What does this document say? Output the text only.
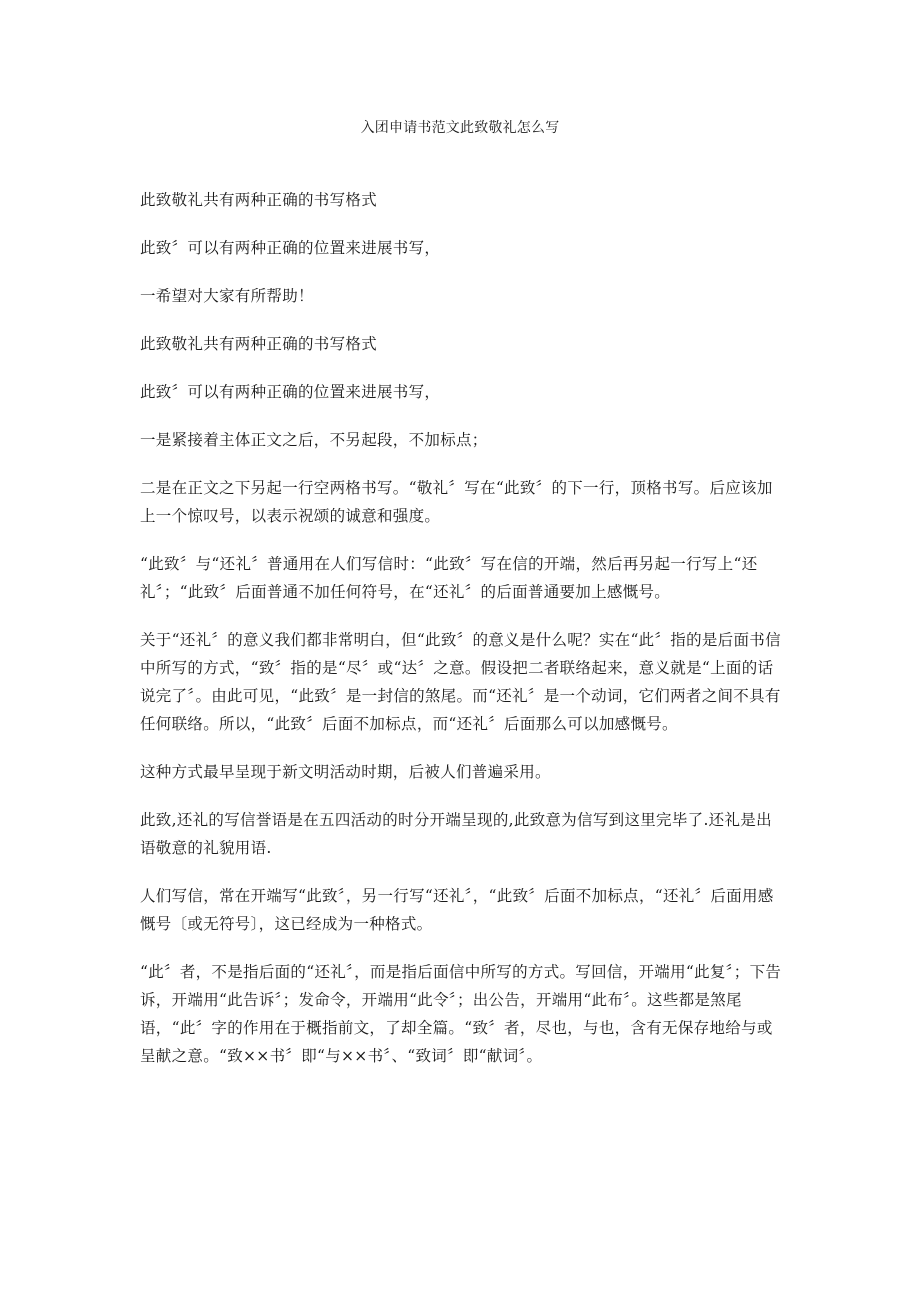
入团申请书范文此致敬礼怎么写

此致敬礼共有两种正确的书写格式

此致〞可以有两种正确的位置来进展书写，

一希望对大家有所帮助！

此致敬礼共有两种正确的书写格式

此致〞可以有两种正确的位置来进展书写，

一是紧接着主体正文之后，不另起段，不加标点；

二是在正文之下另起一行空两格书写。“敬礼〞写在“此致〞的下一行，顶格书写。后应该加上一个惊叹号，以表示祝颂的诚意和强度。

“此致〞与“还礼〞普通用在人们写信时：“此致〞写在信的开端，然后再另起一行写上“还礼〞；“此致〞后面普通不加任何符号，在“还礼〞的后面普通要加上感慨号。

关于“还礼〞的意义我们都非常明白，但“此致〞的意义是什么呢？实在“此〞指的是后面书信中所写的方式，“致〞指的是“尽〞或“达〞之意。假设把二者联络起来，意义就是“上面的话说完了〞。由此可见，“此致〞是一封信的煞尾。而“还礼〞是一个动词，它们两者之间不具有任何联络。所以，“此致〞后面不加标点，而“还礼〞后面那么可以加感慨号。

这种方式最早呈现于新文明活动时期，后被人们普遍采用。

此致,还礼的写信誉语是在五四活动的时分开端呈现的,此致意为信写到这里完毕了.还礼是出语敬意的礼貌用语.

人们写信，常在开端写“此致〞，另一行写“还礼〞，“此致〞后面不加标点，“还礼〞后面用感慨号〔或无符号〕，这已经成为一种格式。

“此〞者，不是指后面的“还礼〞，而是指后面信中所写的方式。写回信，开端用“此复〞；下告诉，开端用“此告诉〞；发命令，开端用“此令〞；出公告，开端用“此布〞。这些都是煞尾语，“此〞字的作用在于概指前文，了却全篇。“致〞者，尽也，与也，含有无保存地给与或呈献之意。“致××书〞即“与××书〞、“致词〞即“献词〞。
